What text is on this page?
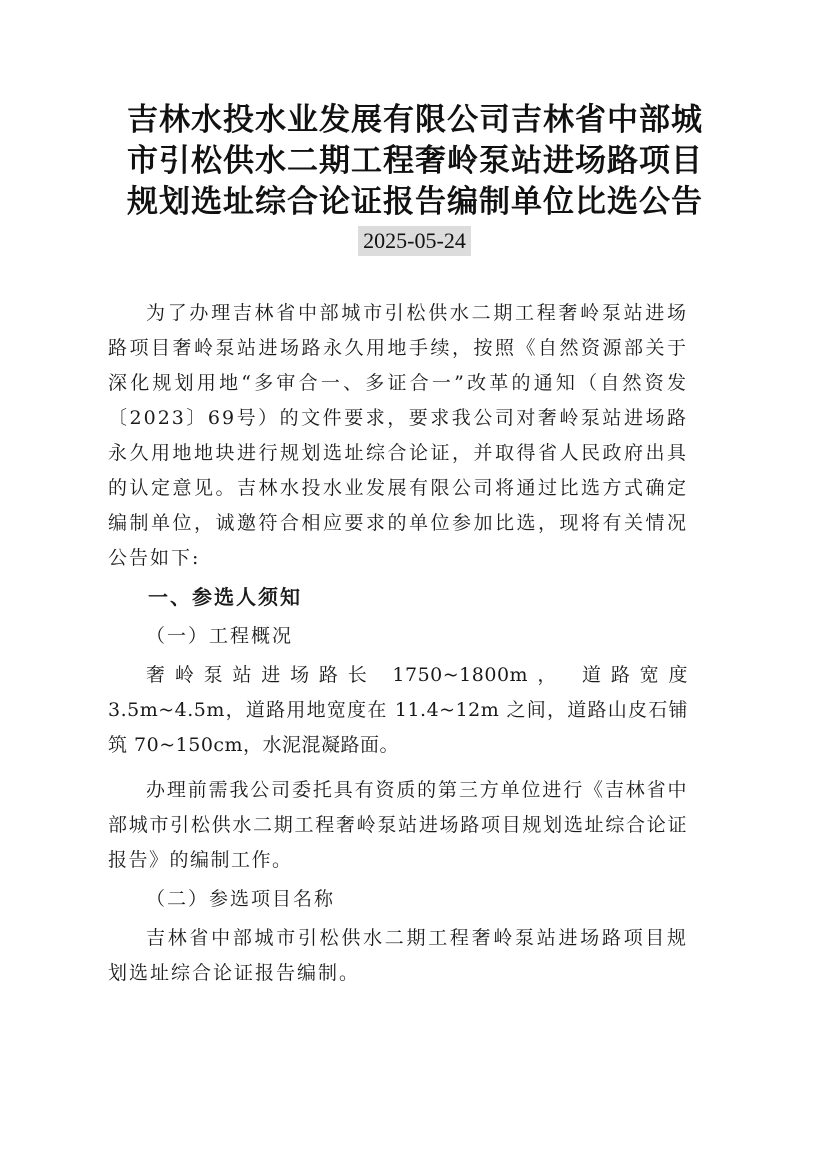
吉林水投水业发展有限公司吉林省中部城
市引松供水二期工程奢岭泵站进场路项目
规划选址综合论证报告编制单位比选公告
2025-05-24

为了办理吉林省中部城市引松供水二期工程奢岭泵站进场路项目奢岭泵站进场路永久用地手续，按照《自然资源部关于深化规划用地“多审合一、多证合一”改革的通知（自然资发〔2023〕69号）的文件要求，要求我公司对奢岭泵站进场路永久用地地块进行规划选址综合论证，并取得省人民政府出具的认定意见。吉林水投水业发展有限公司将通过比选方式确定编制单位，诚邀符合相应要求的单位参加比选，现将有关情况公告如下:

一、参选人须知

（一）工程概况

奢岭泵站进场路长 1750~1800m， 道路宽度 3.5m~4.5m，道路用地宽度在 11.4~12m 之间，道路山皮石铺筑 70~150cm，水泥混凝路面。

办理前需我公司委托具有资质的第三方单位进行《吉林省中部城市引松供水二期工程奢岭泵站进场路项目规划选址综合论证报告》的编制工作。

（二）参选项目名称

吉林省中部城市引松供水二期工程奢岭泵站进场路项目规划选址综合论证报告编制。
